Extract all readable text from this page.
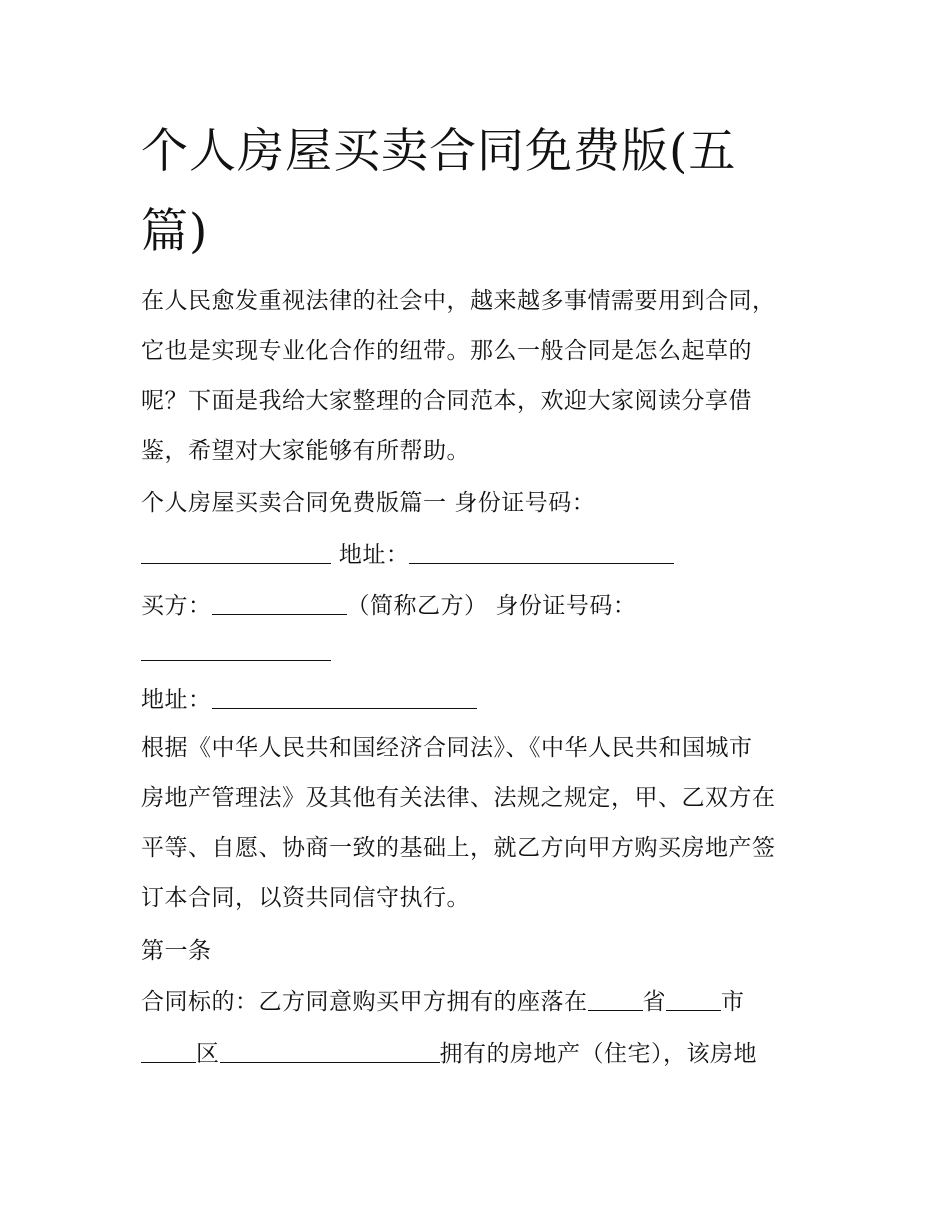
个人房屋买卖合同免费版(五篇)
在人民愈发重视法律的社会中，越来越多事情需要用到合同，
它也是实现专业化合作的纽带。那么一般合同是怎么起草的
呢？下面是我给大家整理的合同范本，欢迎大家阅读分享借
鉴，希望对大家能够有所帮助。
个人房屋买卖合同免费版篇一 身份证号码：
地址：
买方：	（简称乙方） 身份证号码：
地址：
根据《中华人民共和国经济合同法》、《中华人民共和国城市
房地产管理法》及其他有关法律、法规之规定，甲、乙双方在
平等、自愿、协商一致的基础上，就乙方向甲方购买房地产签
订本合同，以资共同信守执行。
第一条
合同标的：乙方同意购买甲方拥有的座落在 省 市
区	拥有的房地产（住宅），该房地
